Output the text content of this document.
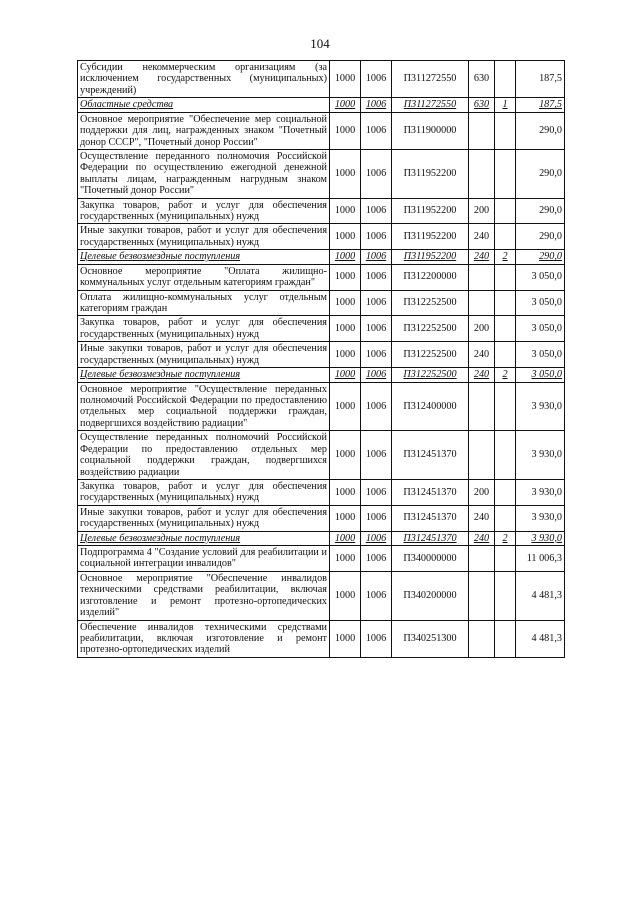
104
Субсидии некоммерческим организациям (за исключением государственных (муниципальных) учреждений)	1000	1006	П311272550	630		187,5
Областные средства	1000	1006	П311272550	630	1	187,5
Основное мероприятие "Обеспечение мер социальной поддержки для лиц, награжденных знаком "Почетный донор СССР", "Почетный донор России"	1000	1006	П311900000			290,0
Осуществление переданного полномочия Российской Федерации по осуществлению ежегодной денежной выплаты лицам, награжденным нагрудным знаком "Почетный донор России"	1000	1006	П311952200			290,0
Закупка товаров, работ и услуг для обеспечения государственных (муниципальных) нужд	1000	1006	П311952200	200		290,0
Иные закупки товаров, работ и услуг для обеспечения государственных (муниципальных) нужд	1000	1006	П311952200	240		290,0
Целевые безвозмездные поступления	1000	1006	П311952200	240	2	290,0
Основное мероприятие "Оплата жилищно-коммунальных услуг отдельным категориям граждан"	1000	1006	П312200000			3 050,0
Оплата жилищно-коммунальных услуг отдельным категориям граждан	1000	1006	П312252500			3 050,0
Закупка товаров, работ и услуг для обеспечения государственных (муниципальных) нужд	1000	1006	П312252500	200		3 050,0
Иные закупки товаров, работ и услуг для обеспечения государственных (муниципальных) нужд	1000	1006	П312252500	240		3 050,0
Целевые безвозмездные поступления	1000	1006	П312252500	240	2	3 050,0
Основное мероприятие "Осуществление переданных полномочий Российской Федерации по предоставлению отдельных мер социальной поддержки граждан, подвергшихся воздействию радиации"	1000	1006	П312400000			3 930,0
Осуществление переданных полномочий Российской Федерации по предоставлению отдельных мер социальной поддержки граждан, подвергшихся воздействию радиации	1000	1006	П312451370			3 930,0
Закупка товаров, работ и услуг для обеспечения государственных (муниципальных) нужд	1000	1006	П312451370	200		3 930,0
Иные закупки товаров, работ и услуг для обеспечения государственных (муниципальных) нужд	1000	1006	П312451370	240		3 930,0
Целевые безвозмездные поступления	1000	1006	П312451370	240	2	3 930,0
Подпрограмма 4 "Создание условий для реабилитации и социальной интеграции инвалидов"	1000	1006	П340000000			11 006,3
Основное мероприятие "Обеспечение инвалидов техническими средствами реабилитации, включая изготовление и ремонт протезно-ортопедических изделий"	1000	1006	П340200000			4 481,3
Обеспечение инвалидов техническими средствами реабилитации, включая изготовление и ремонт протезно-ортопедических изделий	1000	1006	П340251300			4 481,3
